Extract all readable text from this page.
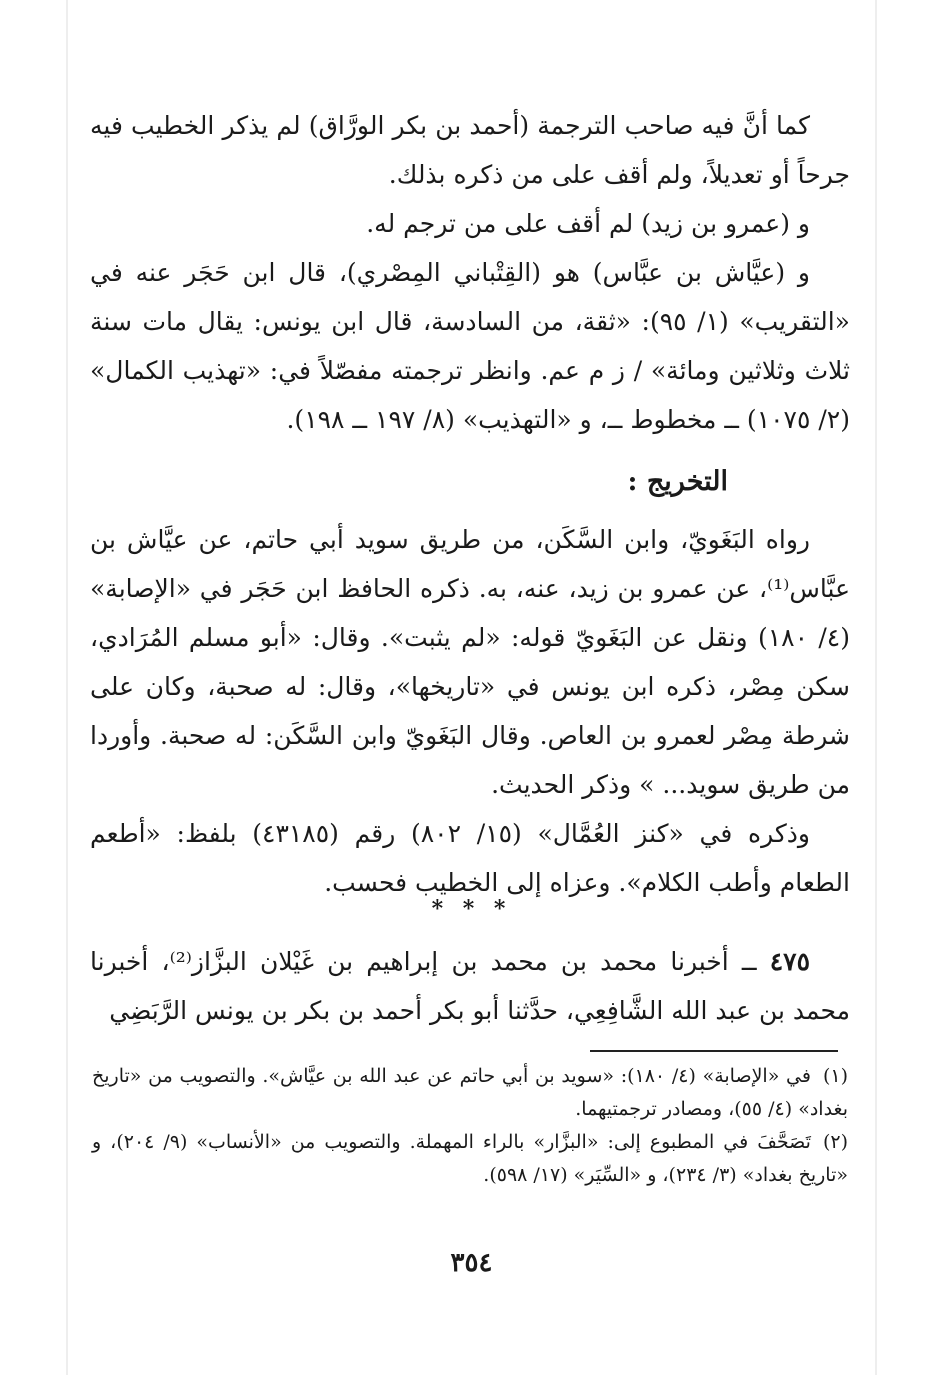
كما أنَّ فيه صاحب الترجمة (أحمد بن بكر الورَّاق) لم يذكر الخطيب فيه جرحاً أو تعديلاً، ولم أقف على من ذكره بذلك.

و (عمرو بن زيد) لم أقف على من ترجم له.

و (عيَّاش بن عبَّاس) هو (القِتْباني المِصْري)، قال ابن حَجَر عنه في «التقريب» (١/ ٩٥): «ثقة، من السادسة، قال ابن يونس: يقال مات سنة ثلاث وثلاثين ومائة» / ز م عم. وانظر ترجمته مفصّلاً في: «تهذيب الكمال» (٢/ ١٠٧٥) ــ مخطوط ــ، و «التهذيب» (٨/ ١٩٧ ــ ١٩٨).

التخريج :

رواه البَغَويّ، وابن السَّكَن، من طريق سويد أبي حاتم، عن عيَّاش بن عبَّاس⁽¹⁾، عن عمرو بن زيد، عنه، به. ذكره الحافظ ابن حَجَر في «الإصابة» (٤/ ١٨٠) ونقل عن البَغَويّ قوله: «لم يثبت». وقال: «أبو مسلم المُرَادي، سكن مِصْر، ذكره ابن يونس في «تاريخها»، وقال: له صحبة، وكان على شرطة مِصْر لعمرو بن العاص. وقال البَغَويّ وابن السَّكَن: له صحبة. وأوردا من طريق سويد... » وذكر الحديث.

وذكره في «كنز العُمَّال» (١٥/ ٨٠٢) رقم (٤٣١٨٥) بلفظ: «أطعم الطعام وأطب الكلام». وعزاه إلى الخطيب فحسب.

* * *

٤٧٥ ــ أخبرنا محمد بن محمد بن إبراهيم بن غَيْلان البزَّاز⁽²⁾، أخبرنا محمد بن عبد الله الشَّافِعِي، حدَّثنا أبو بكر أحمد بن بكر بن يونس الرَّبَضِي

(١)في «الإصابة» (٤/ ١٨٠): «سويد بن أبي حاتم عن عبد الله بن عيَّاش». والتصويب من «تاريخ بغداد» (٤/ ٥٥)، ومصادر ترجمتيهما.

(٢)تَصَحَّفَ في المطبوع إلى: «البزَّار» بالراء المهملة. والتصويب من «الأنساب» (٩/ ٢٠٤)، و «تاريخ بغداد» (٣/ ٢٣٤)، و «السِّيَر» (١٧/ ٥٩٨).

٣٥٤
